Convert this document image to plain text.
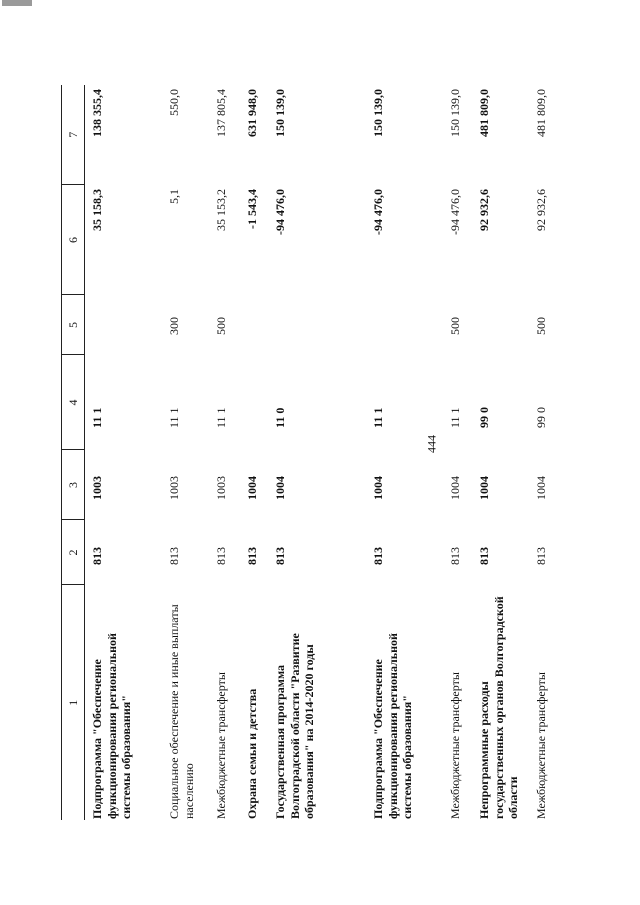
444
1	2	3	4	5	6	7
Подпрограмма "Обеспечение функционирования региональной системы образования"	813	1003	11 1		35 158,3	138 355,4
Социальное обеспечение и иные выплаты населению	813	1003	11 1	300	5,1	550,0
Межбюджетные трансферты	813	1003	11 1	500	35 153,2	137 805,4
Охрана семьи и детства	813	1004			-1 543,4	631 948,0
Государственная программа Волгоградской области "Развитие образования" на 2014-2020 годы	813	1004	11 0		-94 476,0	150 139,0
Подпрограмма "Обеспечение функционирования региональной системы образования"	813	1004	11 1		-94 476,0	150 139,0
Межбюджетные трансферты	813	1004	11 1	500	-94 476,0	150 139,0
Непрограммные расходы государственных органов Волгоградской области	813	1004	99 0		92 932,6	481 809,0
Межбюджетные трансферты	813	1004	99 0	500	92 932,6	481 809,0
